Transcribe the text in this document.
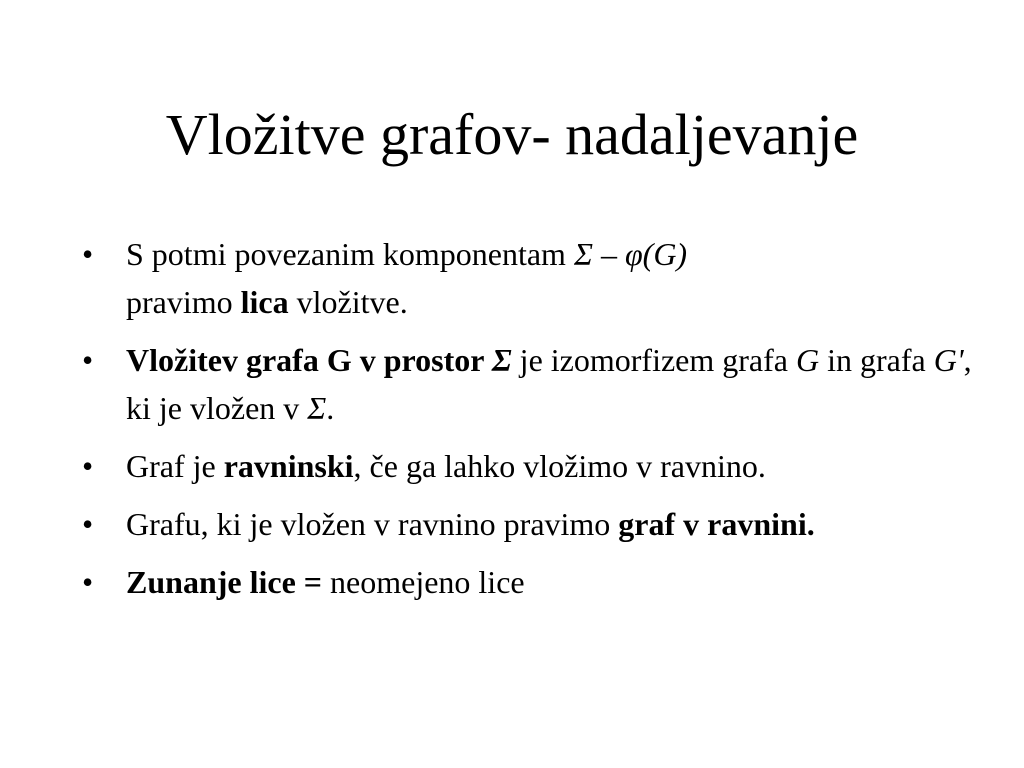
Vložitve grafov- nadaljevanje
•	S potmi povezanim komponentam Σ – φ(G)
pravimo lica vložitve.
•	Vložitev grafa G v prostor Σ je izomorfizem grafa G in grafa G', ki je vložen v Σ.
•	Graf je ravninski, če ga lahko vložimo v ravnino.
•	Grafu, ki je vložen v ravnino pravimo graf v ravnini.
•	Zunanje lice = neomejeno lice
